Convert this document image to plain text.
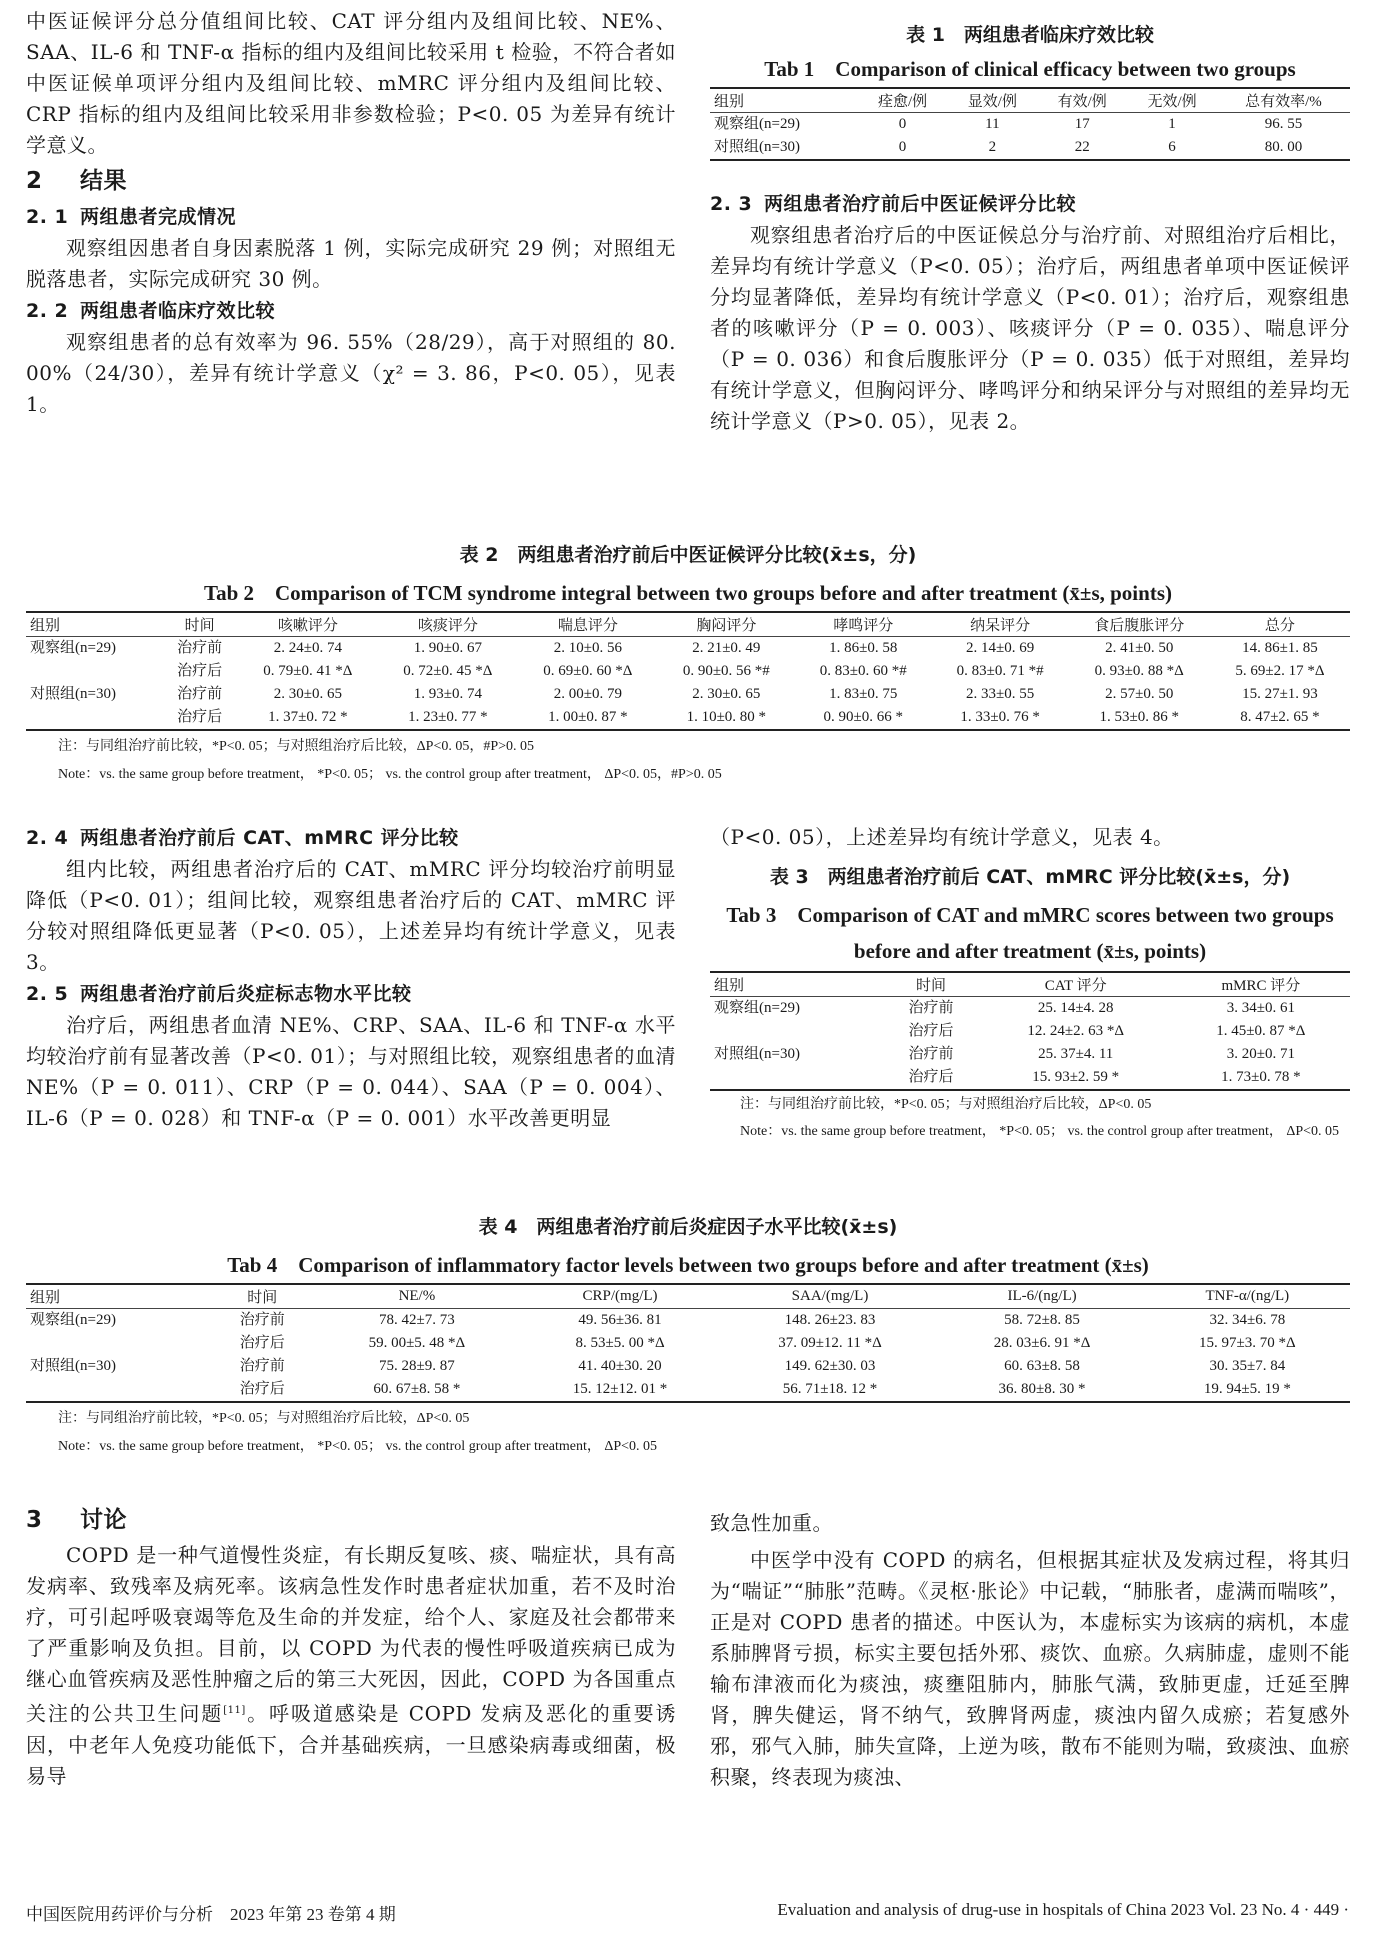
中医证候评分总分值组间比较、CAT 评分组内及组间比较、NE%、SAA、IL-6 和 TNF-α 指标的组内及组间比较采用 t 检验，不符合者如中医证候单项评分组内及组间比较、mMRC 评分组内及组间比较、CRP 指标的组内及组间比较采用非参数检验；P<0. 05 为差异有统计学意义。

2 结果
2. 1 两组患者完成情况

观察组因患者自身因素脱落 1 例，实际完成研究 29 例；对照组无脱落患者，实际完成研究 30 例。

2. 2 两组患者临床疗效比较

观察组患者的总有效率为 96. 55%（28/29），高于对照组的 80. 00%（24/30），差异有统计学意义（χ² = 3. 86，P<0. 05），见表 1。

表 1　两组患者临床疗效比较
Tab 1　Comparison of clinical efficacy between two groups
组别	痊愈/例	显效/例	有效/例	无效/例	总有效率/%
观察组(n=29)	0	11	17	1	96. 55
对照组(n=30)	0	2	22	6	80. 00
2. 3 两组患者治疗前后中医证候评分比较

观察组患者治疗后的中医证候总分与治疗前、对照组治疗后相比，差异均有统计学意义（P<0. 05）；治疗后，两组患者单项中医证候评分均显著降低，差异均有统计学意义（P<0. 01）；治疗后，观察组患者的咳嗽评分（P = 0. 003）、咳痰评分（P = 0. 035）、喘息评分（P = 0. 036）和食后腹胀评分（P = 0. 035）低于对照组，差异均有统计学意义，但胸闷评分、哮鸣评分和纳呆评分与对照组的差异均无统计学意义（P>0. 05），见表 2。

表 2　两组患者治疗前后中医证候评分比较(x̄±s，分)
Tab 2　Comparison of TCM syndrome integral between two groups before and after treatment (x̄±s, points)
组别	时间	咳嗽评分	咳痰评分	喘息评分	胸闷评分	哮鸣评分	纳呆评分	食后腹胀评分	总分
观察组(n=29)	治疗前	2. 24±0. 74	1. 90±0. 67	2. 10±0. 56	2. 21±0. 49	1. 86±0. 58	2. 14±0. 69	2. 41±0. 50	14. 86±1. 85
	治疗后	0. 79±0. 41 *Δ	0. 72±0. 45 *Δ	0. 69±0. 60 *Δ	0. 90±0. 56 *#	0. 83±0. 60 *#	0. 83±0. 71 *#	0. 93±0. 88 *Δ	5. 69±2. 17 *Δ
对照组(n=30)	治疗前	2. 30±0. 65	1. 93±0. 74	2. 00±0. 79	2. 30±0. 65	1. 83±0. 75	2. 33±0. 55	2. 57±0. 50	15. 27±1. 93
	治疗后	1. 37±0. 72 *	1. 23±0. 77 *	1. 00±0. 87 *	1. 10±0. 80 *	0. 90±0. 66 *	1. 33±0. 76 *	1. 53±0. 86 *	8. 47±2. 65 *
注：与同组治疗前比较，*P<0. 05；与对照组治疗后比较，ΔP<0. 05，#P>0. 05
Note：vs. the same group before treatment， *P<0. 05； vs. the control group after treatment， ΔP<0. 05，#P>0. 05
2. 4 两组患者治疗前后 CAT、mMRC 评分比较

组内比较，两组患者治疗后的 CAT、mMRC 评分均较治疗前明显降低（P<0. 01）；组间比较，观察组患者治疗后的 CAT、mMRC 评分较对照组降低更显著（P<0. 05），上述差异均有统计学意义，见表 3。

2. 5 两组患者治疗前后炎症标志物水平比较

治疗后，两组患者血清 NE%、CRP、SAA、IL-6 和 TNF-α 水平均较治疗前有显著改善（P<0. 01）；与对照组比较，观察组患者的血清 NE%（P = 0. 011）、CRP（P = 0. 044）、SAA（P = 0. 004）、IL-6（P = 0. 028）和 TNF-α（P = 0. 001）水平改善更明显

（P<0. 05），上述差异均有统计学意义，见表 4。

表 3　两组患者治疗前后 CAT、mMRC 评分比较(x̄±s，分)
Tab 3　Comparison of CAT and mMRC scores between two groups before and after treatment (x̄±s, points)
组别	时间	CAT 评分	mMRC 评分
观察组(n=29)	治疗前	25. 14±4. 28	3. 34±0. 61
	治疗后	12. 24±2. 63 *Δ	1. 45±0. 87 *Δ
对照组(n=30)	治疗前	25. 37±4. 11	3. 20±0. 71
	治疗后	15. 93±2. 59 *	1. 73±0. 78 *
注：与同组治疗前比较，*P<0. 05；与对照组治疗后比较，ΔP<0. 05
Note：vs. the same group before treatment， *P<0. 05； vs. the control group after treatment， ΔP<0. 05
表 4　两组患者治疗前后炎症因子水平比较(x̄±s)
Tab 4　Comparison of inflammatory factor levels between two groups before and after treatment (x̄±s)
组别	时间	NE/%	CRP/(mg/L)	SAA/(mg/L)	IL-6/(ng/L)	TNF-α/(ng/L)
观察组(n=29)	治疗前	78. 42±7. 73	49. 56±36. 81	148. 26±23. 83	58. 72±8. 85	32. 34±6. 78
	治疗后	59. 00±5. 48 *Δ	8. 53±5. 00 *Δ	37. 09±12. 11 *Δ	28. 03±6. 91 *Δ	15. 97±3. 70 *Δ
对照组(n=30)	治疗前	75. 28±9. 87	41. 40±30. 20	149. 62±30. 03	60. 63±8. 58	30. 35±7. 84
	治疗后	60. 67±8. 58 *	15. 12±12. 01 *	56. 71±18. 12 *	36. 80±8. 30 *	19. 94±5. 19 *
注：与同组治疗前比较，*P<0. 05；与对照组治疗后比较，ΔP<0. 05
Note：vs. the same group before treatment， *P<0. 05； vs. the control group after treatment， ΔP<0. 05
3 讨论

COPD 是一种气道慢性炎症，有长期反复咳、痰、喘症状，具有高发病率、致残率及病死率。该病急性发作时患者症状加重，若不及时治疗，可引起呼吸衰竭等危及生命的并发症，给个人、家庭及社会都带来了严重影响及负担。目前，以 COPD 为代表的慢性呼吸道疾病已成为继心血管疾病及恶性肿瘤之后的第三大死因，因此，COPD 为各国重点关注的公共卫生问题[11]。呼吸道感染是 COPD 发病及恶化的重要诱因，中老年人免疫功能低下，合并基础疾病，一旦感染病毒或细菌，极易导

致急性加重。

中医学中没有 COPD 的病名，但根据其症状及发病过程，将其归为“喘证”“肺胀”范畴。《灵枢·胀论》中记载，“肺胀者，虚满而喘咳”，正是对 COPD 患者的描述。中医认为，本虚标实为该病的病机，本虚系肺脾肾亏损，标实主要包括外邪、痰饮、血瘀。久病肺虚，虚则不能输布津液而化为痰浊，痰壅阻肺内，肺胀气满，致肺更虚，迁延至脾肾，脾失健运，肾不纳气，致脾肾两虚，痰浊内留久成瘀；若复感外邪，邪气入肺，肺失宣降，上逆为咳，散布不能则为喘，致痰浊、血瘀积聚，终表现为痰浊、

中国医院用药评价与分析　2023 年第 23 卷第 4 期	Evaluation and analysis of drug-use in hospitals of China 2023 Vol. 23 No. 4 · 449 ·
